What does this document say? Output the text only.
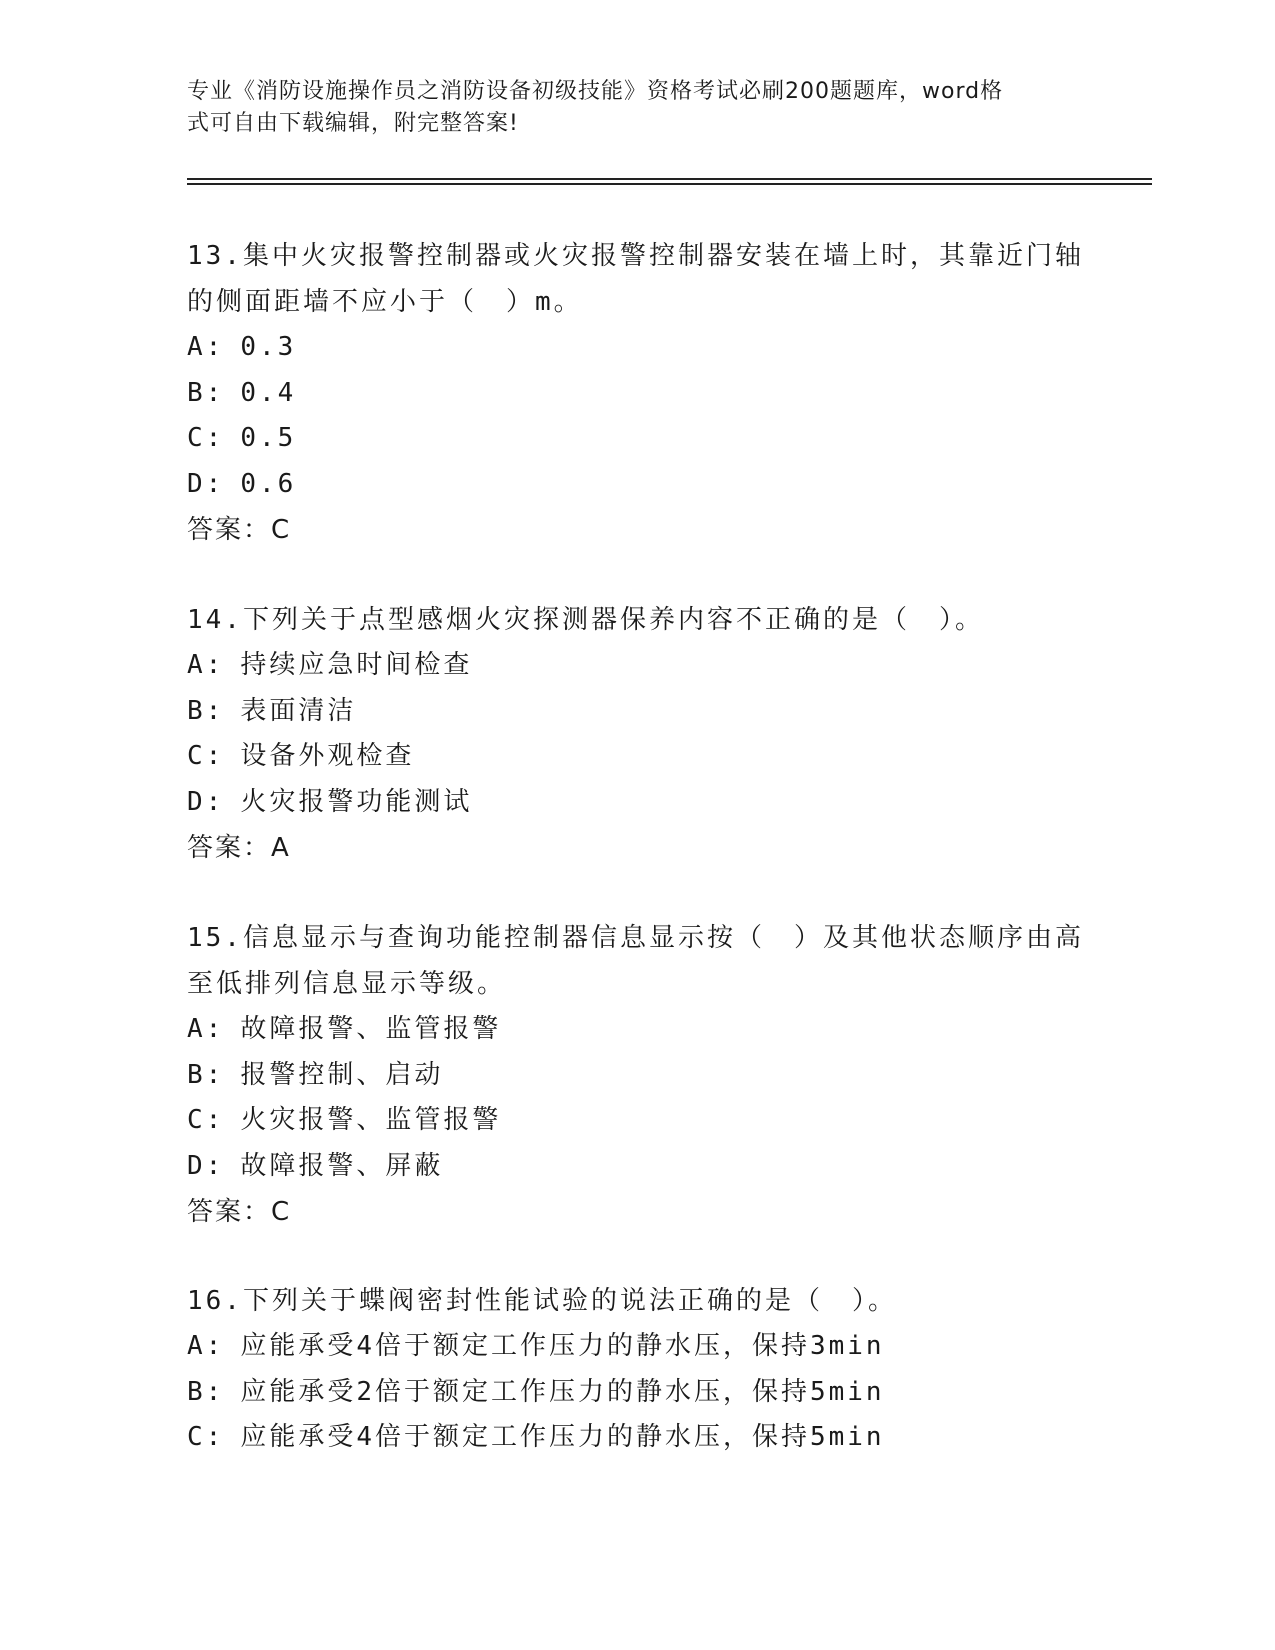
专业《消防设施操作员之消防设备初级技能》资格考试必刷200题题库，word格
式可自由下载编辑，附完整答案!

13.集中火灾报警控制器或火灾报警控制器安装在墙上时，其靠近门轴的侧面距墙不应小于（　）m。

A: 0.3
B: 0.4
C: 0.5
D: 0.6
答案：C

14.下列关于点型感烟火灾探测器保养内容不正确的是（　）。

A: 持续应急时间检查
B: 表面清洁
C: 设备外观检查
D: 火灾报警功能测试
答案：A

15.信息显示与查询功能控制器信息显示按（　）及其他状态顺序由高至低排列信息显示等级。

A: 故障报警、监管报警
B: 报警控制、启动
C: 火灾报警、监管报警
D: 故障报警、屏蔽
答案：C

16.下列关于蝶阀密封性能试验的说法正确的是（　）。

A: 应能承受4倍于额定工作压力的静水压，保持3min
B: 应能承受2倍于额定工作压力的静水压，保持5min
C: 应能承受4倍于额定工作压力的静水压，保持5min
